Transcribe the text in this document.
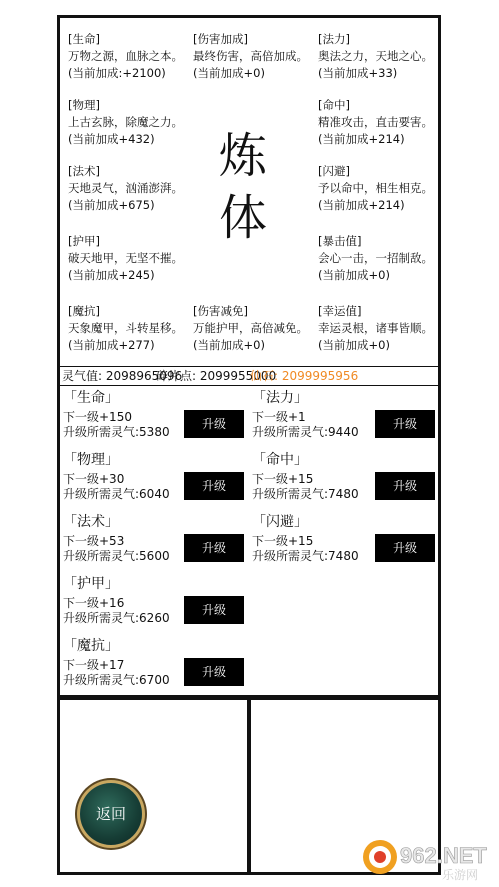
炼
体
[生命]
万物之源，血脉之本。
(当前加成:+2100)
[伤害加成]
最终伤害，高倍加成。
(当前加成+0)
[法力]
奥法之力，天地之心。
(当前加成+33)
[物理]
上古玄脉，除魔之力。
(当前加成+432)
[命中]
精准攻击，直击要害。
(当前加成+214)
[法术]
天地灵气，汹涌澎湃。
(当前加成+675)
[闪避]
予以命中，相生相克。
(当前加成+214)
[护甲]
破天地甲，无坚不摧。
(当前加成+245)
[暴击值]
会心一击，一招制敌。
(当前加成+0)
[魔抗]
天象魔甲，斗转星移。
(当前加成+277)
[伤害减免]
万能护甲，高倍减免。
(当前加成+0)
[幸运值]
幸运灵根，诸事皆顺。
(当前加成+0)
灵气值: 2098965096
碎片点: 2099955000
仙石: 2099995956
「生命」
下一级+150
升级所需灵气:5380
升级
「法力」
下一级+1
升级所需灵气:9440
升级
「物理」
下一级+30
升级所需灵气:6040
升级
「命中」
下一级+15
升级所需灵气:7480
升级
「法术」
下一级+53
升级所需灵气:5600
升级
「闪避」
下一级+15
升级所需灵气:7480
升级
「护甲」
下一级+16
升级所需灵气:6260
升级
「魔抗」
下一级+17
升级所需灵气:6700
升级
返回
962.NET
乐游网
